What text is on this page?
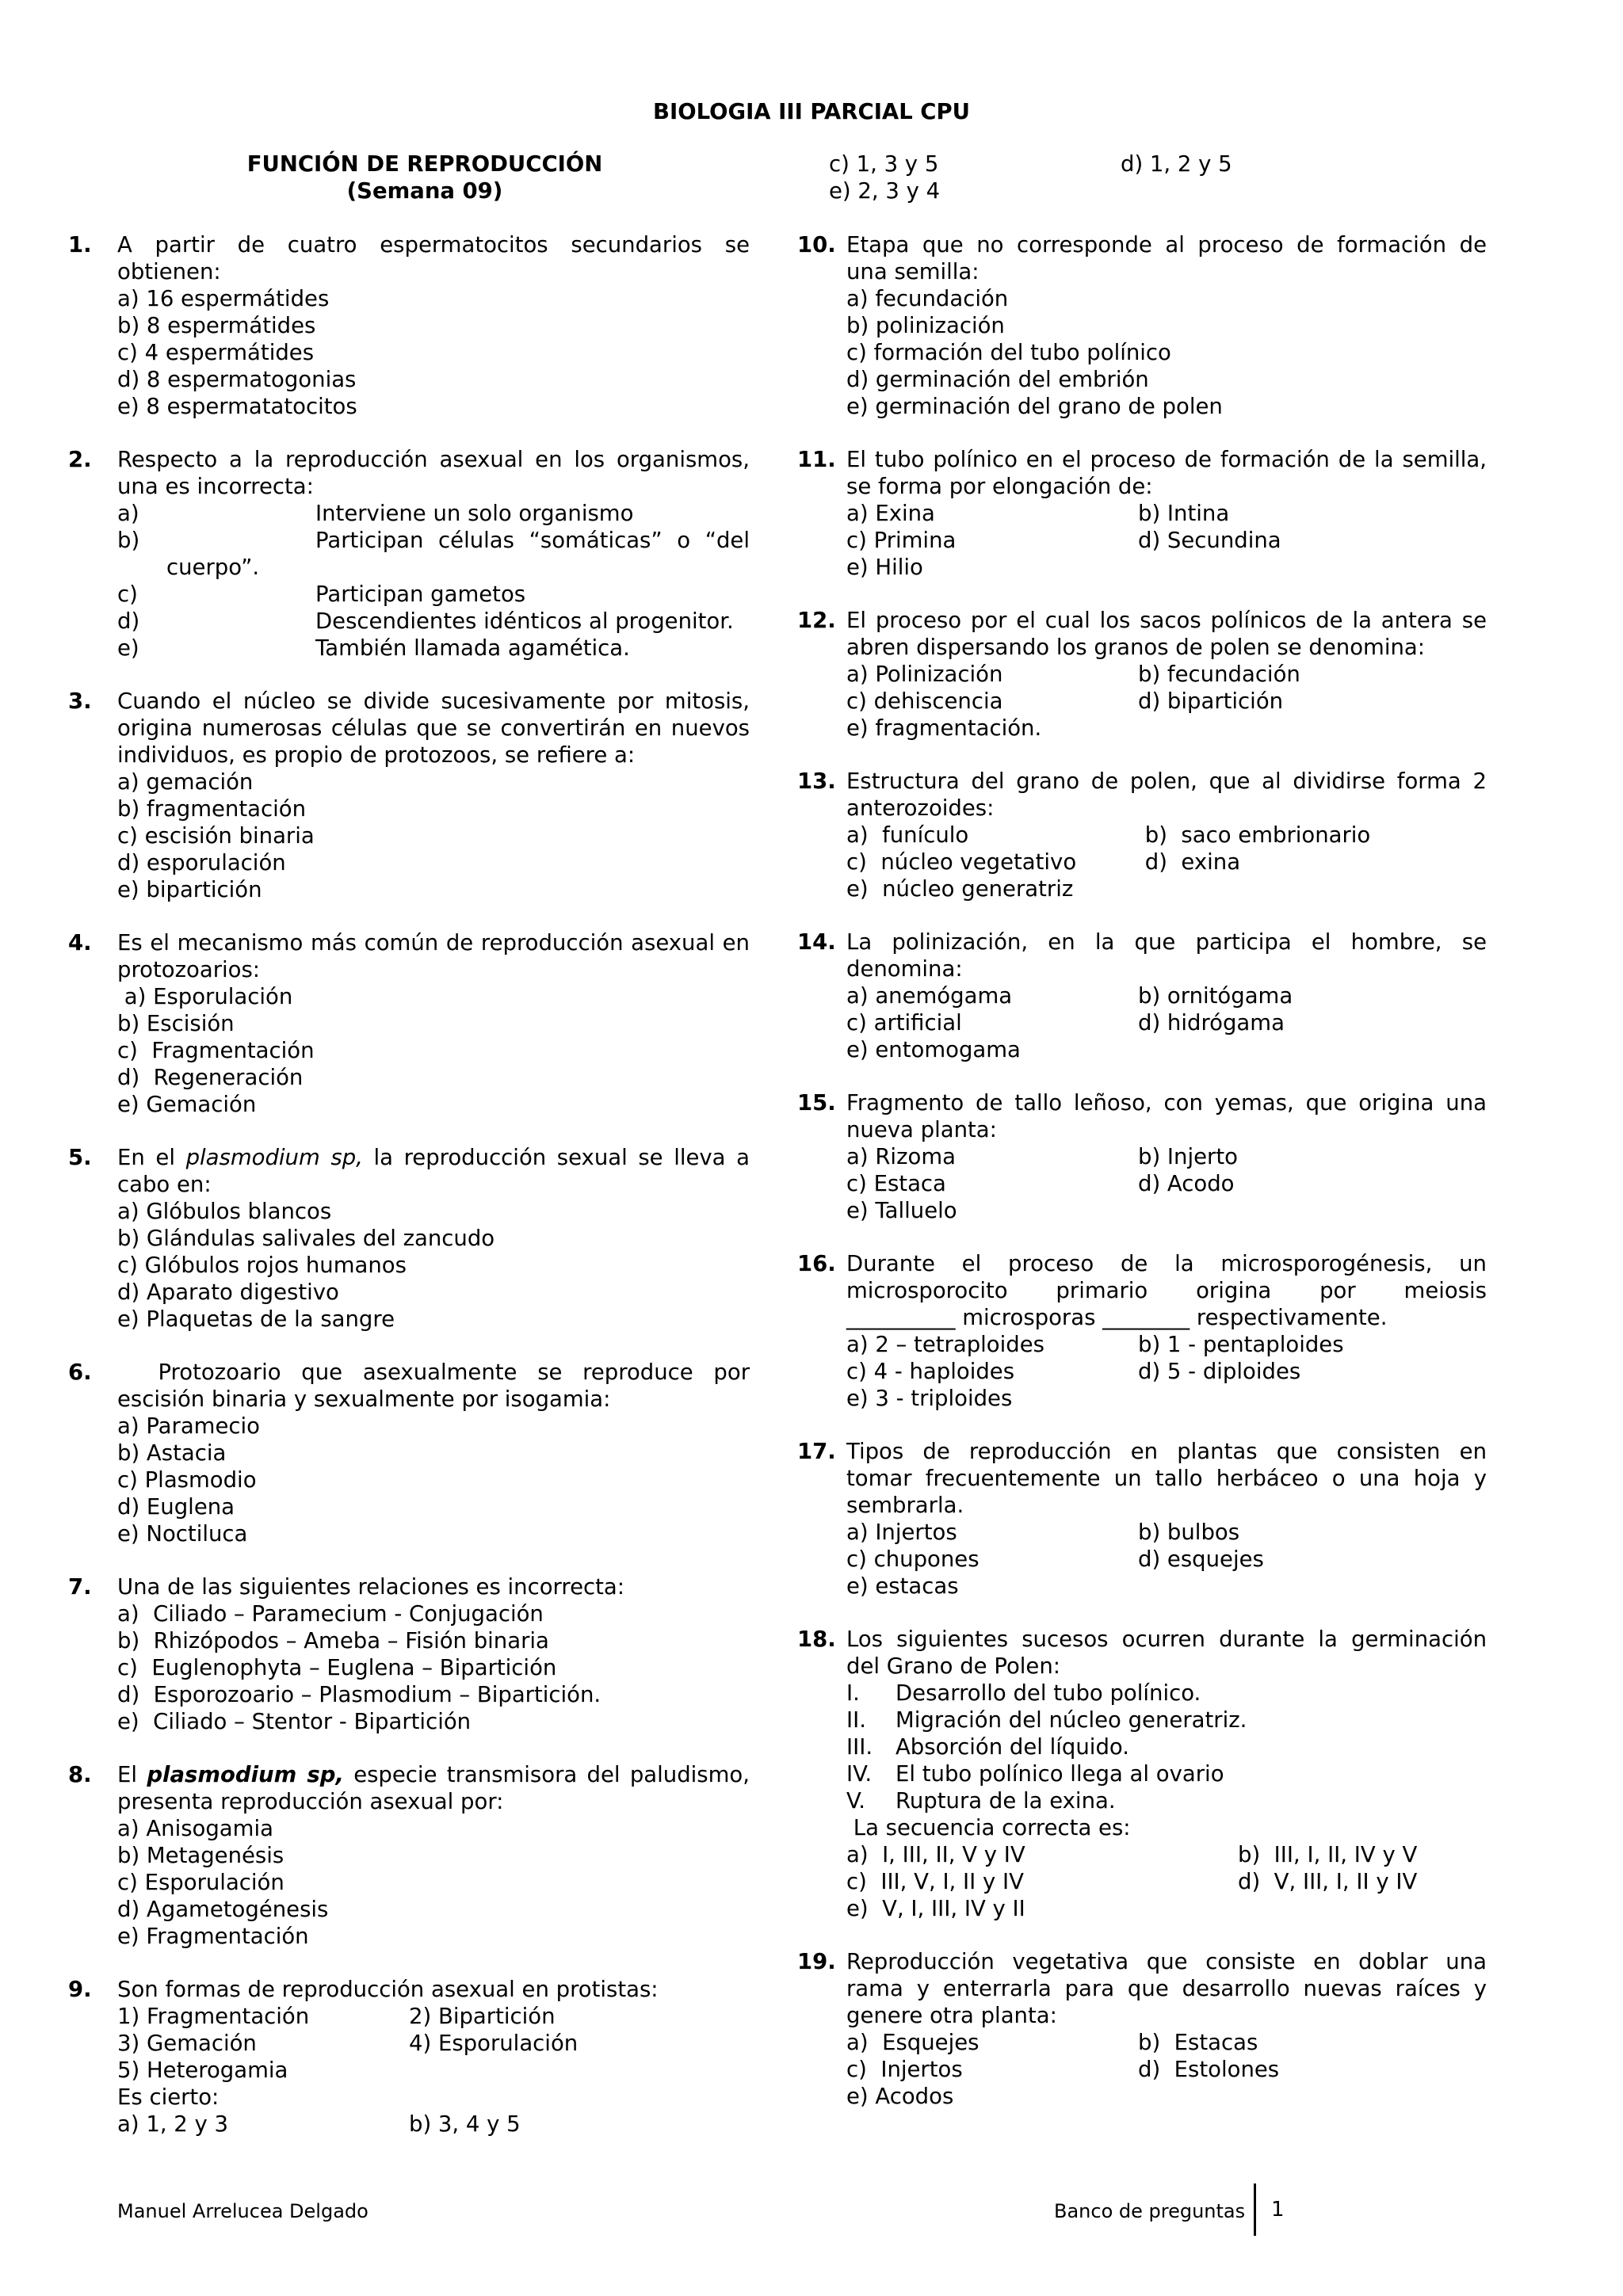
BIOLOGIA III PARCIAL CPU
FUNCIÓN DE REPRODUCCIÓN
(Semana 09)
1. A partir de cuatro espermatocitos secundarios se
obtienen:
a) 16 espermátides
b) 8 espermátides
c) 4 espermátides
d) 8 espermatogonias
e) 8 espermatatocitos
2. Respecto a la reproducción asexual en los organismos,
una es incorrecta:
a)	Interviene un solo organismo
b)	Participan células “somáticas” o “del
cuerpo”.
c)	Participan gametos
d)	Descendientes idénticos al progenitor.
e)	También llamada agamética.
3. Cuando el núcleo se divide sucesivamente por mitosis,
origina numerosas células que se convertirán en nuevos
individuos, es propio de protozoos, se refiere a:
a) gemación
b) fragmentación
c) escisión binaria
d) esporulación
e) bipartición
4. Es el mecanismo más común de reproducción asexual en
protozoarios:
a) Esporulación
b) Escisión
c)  Fragmentación
d)  Regeneración
e) Gemación
5. En el plasmodium sp, la reproducción sexual se lleva a
cabo en:
a) Glóbulos blancos
b) Glándulas salivales del zancudo
c) Glóbulos rojos humanos
d) Aparato digestivo
e) Plaquetas de la sangre
6. Protozoario  que  asexualmente  se  reproduce  por
escisión binaria y sexualmente por isogamia:
a) Paramecio
b) Astacia
c) Plasmodio
d) Euglena
e) Noctiluca
7. Una de las siguientes relaciones es incorrecta:
a)  Ciliado – Paramecium - Conjugación
b)  Rhizópodos – Ameba – Fisión binaria
c)  Euglenophyta – Euglena – Bipartición
d)  Esporozoario – Plasmodium – Bipartición.
e)  Ciliado – Stentor - Bipartición
8. El plasmodium sp, especie transmisora del paludismo,
presenta reproducción asexual por:
a) Anisogamia
b) Metagenésis
c) Esporulación
d) Agametogénesis
e) Fragmentación
9. Son formas de reproducción asexual en protistas:
1) Fragmentación	2) Bipartición
3) Gemación	4) Esporulación
5) Heterogamia
Es cierto:
a) 1, 2 y 3	b) 3, 4 y 5
c) 1, 3 y 5	d) 1, 2 y 5
e) 2, 3 y 4
10. Etapa que no corresponde al proceso de formación de
una semilla:
a) fecundación
b) polinización
c) formación del tubo polínico
d) germinación del embrión
e) germinación del grano de polen
11. El tubo polínico en el proceso de formación de la semilla,
se forma por elongación de:
a) Exina	b) Intina
c) Primina	d) Secundina
e) Hilio
12. El proceso por el cual los sacos polínicos de la antera se
abren dispersando los granos de polen se denomina:
a) Polinización	b) fecundación
c) dehiscencia	d) bipartición
e) fragmentación.
13. Estructura del grano de polen, que al dividirse forma 2
anterozoides:
a)  funículo	b)  saco embrionario
c)  núcleo vegetativo	d)  exina
e)  núcleo generatriz
14. La polinización, en la que participa el hombre, se
denomina:
a) anemógama	b) ornitógama
c) artificial	d) hidrógama
e) entomogama
15. Fragmento de tallo leñoso, con yemas, que origina una
nueva planta:
a) Rizoma	b) Injerto
c) Estaca	d) Acodo
e) Talluelo
16. Durante el proceso de la microsporogénesis, un
microsporocito primario origina por meiosis
__________ microsporas ________ respectivamente.
a) 2 – tetraploides	b) 1 - pentaploides
c) 4 - haploides	d) 5 - diploides
e) 3 - triploides
17. Tipos de reproducción en plantas que consisten en
tomar frecuentemente un tallo herbáceo o una hoja y
sembrarla.
a) Injertos	b) bulbos
c) chupones	d) esquejes
e) estacas
18. Los siguientes sucesos ocurren durante la germinación
del Grano de Polen:
I.	Desarrollo del tubo polínico.
II.	Migración del núcleo generatriz.
III.	Absorción del líquido.
IV.	El tubo polínico llega al ovario
V.	Ruptura de la exina.
La secuencia correcta es:
a)  I, III, II, V y IV	b)  III, I, II, IV y V
c)  III, V, I, II y IV	d)  V, III, I, II y IV
e)  V, I, III, IV y II
19. Reproducción vegetativa que consiste en doblar una
rama y enterrarla para que desarrollo nuevas raíces y
genere otra planta:
a)  Esquejes	b)  Estacas
c)  Injertos	d)  Estolones
e) Acodos
Manuel Arrelucea Delgado	Banco de preguntas 1
